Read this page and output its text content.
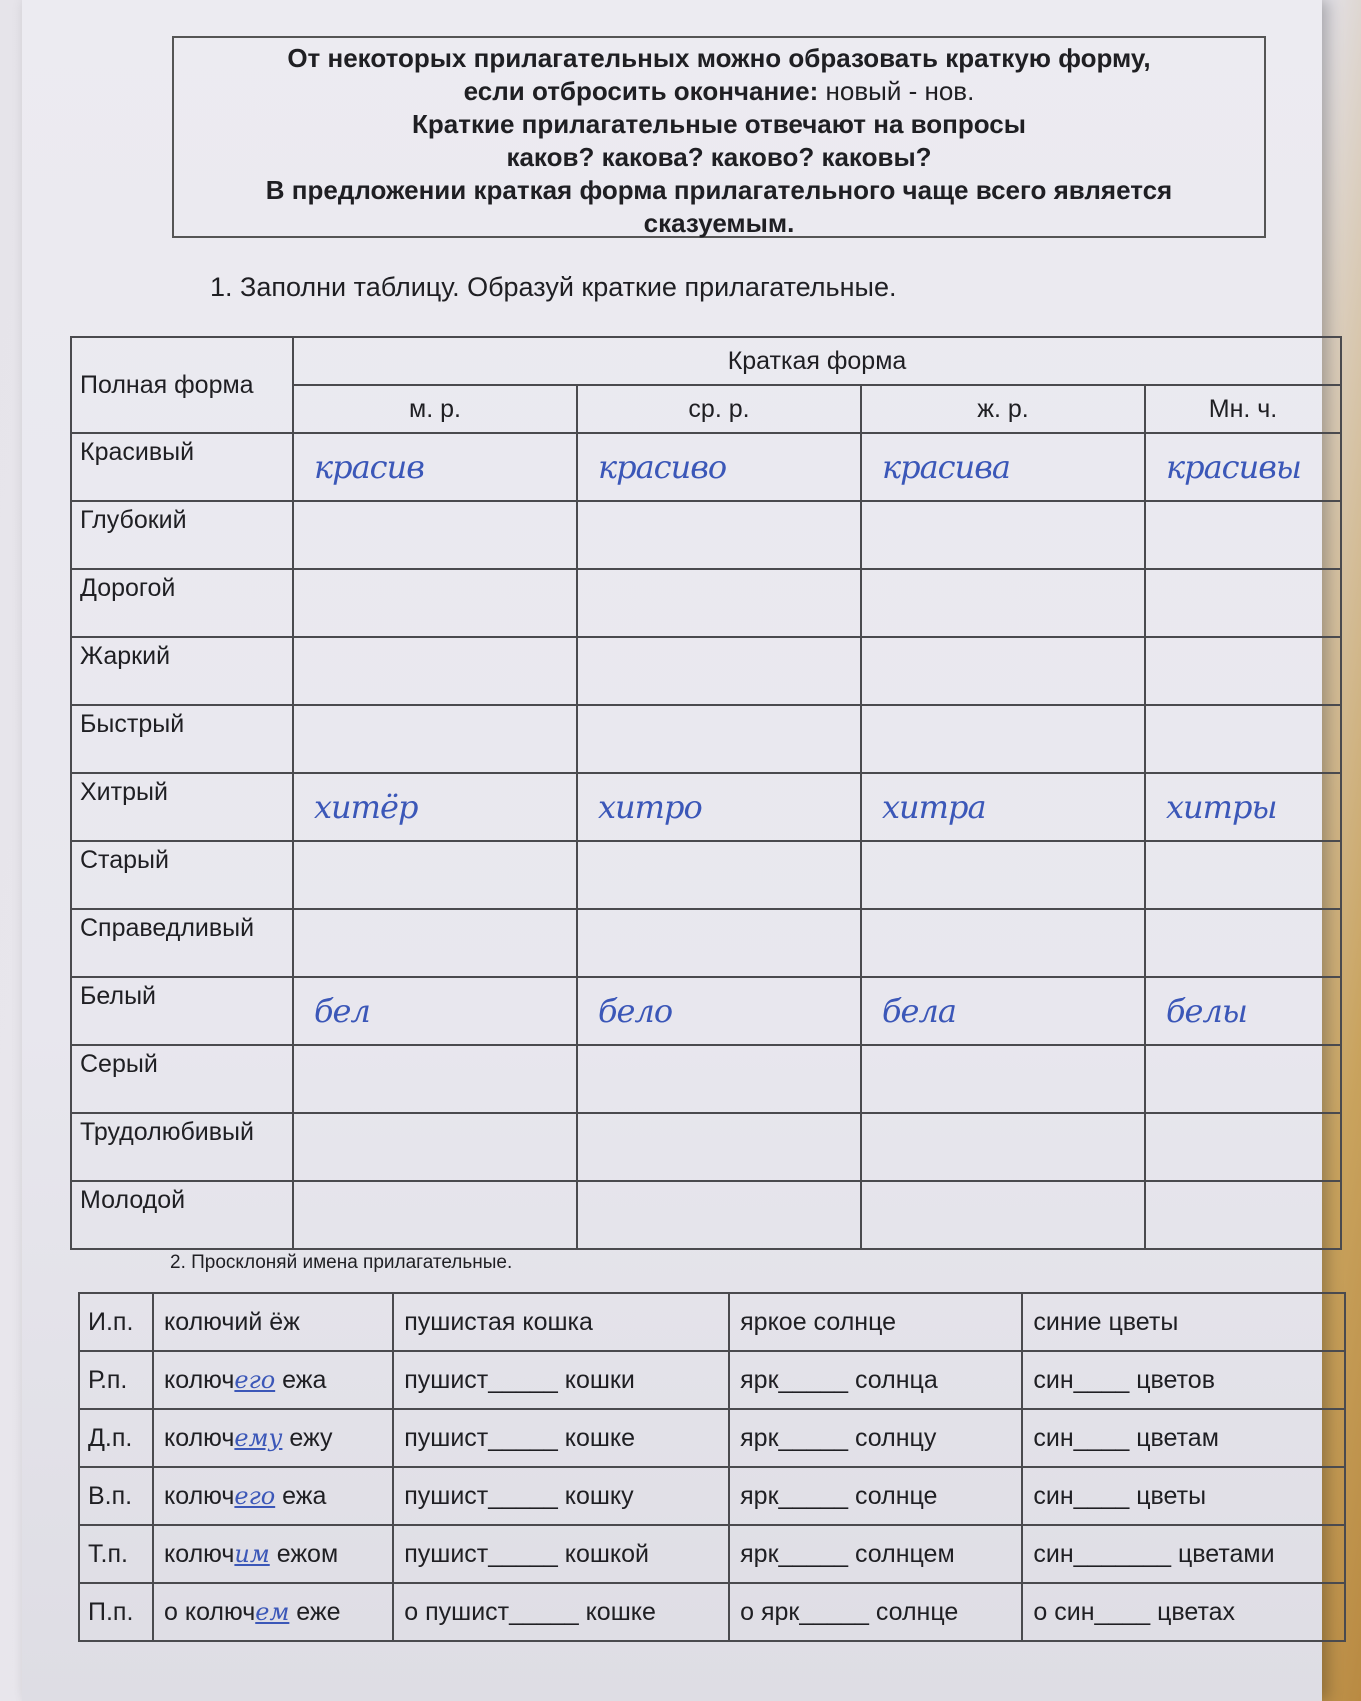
От некоторых прилагательных можно образовать краткую форму,
если отбросить окончание: новый - нов.
Краткие прилагательные отвечают на вопросы
каков? какова? каково? каковы?
В предложении краткая форма прилагательного чаще всего является
сказуемым.
1. Заполни таблицу. Образуй краткие прилагательные.
Полная форма	Краткая форма			
	м. р.	ср. р.	ж. р.	Мн. ч.
Красивый	красив	красиво	красива	красивы
Глубокий				
Дорогой				
Жаркий				
Быстрый				
Хитрый	хитёр	хитро	хитра	хитры
Старый				
Справедливый				
Белый	бел	бело	бела	белы
Серый				
Трудолюбивый				
Молодой				
2. Просклоняй имена прилагательные.
И.п.	колючий ёж	пушистая кошка	яркое солнце	синие цветы
Р.п.	колючего ежа	пушист_____ кошки	ярк_____ солнца	син____ цветов
Д.п.	колючему ежу	пушист_____ кошке	ярк_____ солнцу	син____ цветам
В.п.	колючего ежа	пушист_____ кошку	ярк_____ солнце	син____ цветы
Т.п.	колючим ежом	пушист_____ кошкой	ярк_____ солнцем	син_______ цветами
П.п.	о колючем еже	о пушист_____ кошке	о ярк_____ солнце	о син____ цветах
